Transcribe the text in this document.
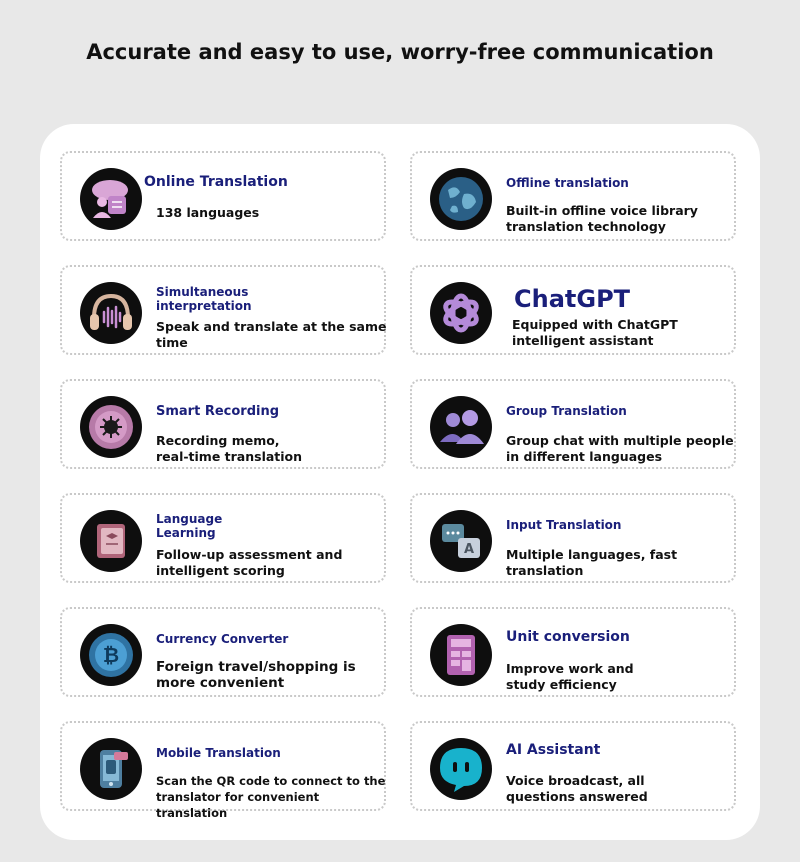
Accurate and easy to use, worry-free communication
Online Translation
138 languages
Offline translation
Built-in offline voice library translation technology
Simultaneous interpretation
Speak and translate at the same time
ChatGPT
Equipped with ChatGPT intelligent assistant
Smart Recording
Recording memo, real-time translation
Group Translation
Group chat with multiple people in different languages
Language Learning
Follow-up assessment and intelligent scoring
A
Input Translation
Multiple languages, fast translation
₿
Currency Converter
Foreign travel/shopping is more convenient
Unit conversion
Improve work and study efficiency
Mobile Translation
Scan the QR code to connect to the translator for convenient translation
AI Assistant
Voice broadcast, all questions answered
